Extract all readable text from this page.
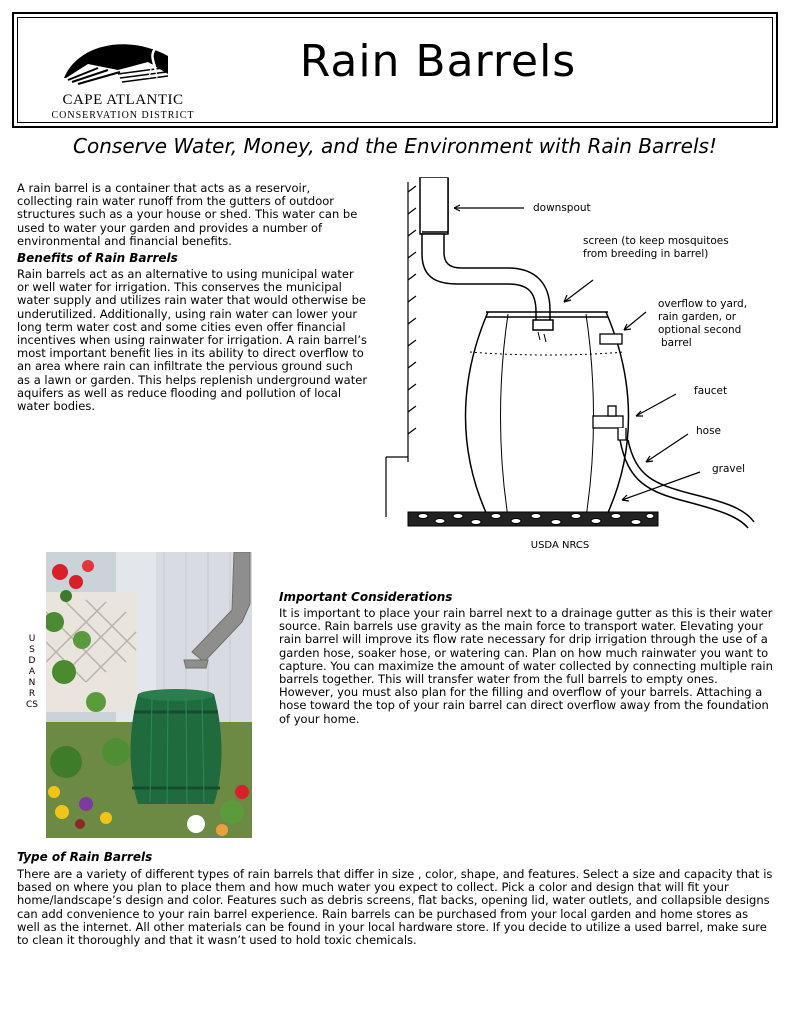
CAPE ATLANTIC
CONSERVATION DISTRICT
Rain Barrels
Conserve Water, Money, and the Environment with Rain Barrels!

A rain barrel is a container that acts as a reservoir, collecting rain water runoff from the gutters of outdoor structures such as a your house or shed. This water can be used to water your garden and provides a number of environmental and financial benefits.

Benefits of Rain Barrels

Rain barrels act as an alternative to using municipal water or well water for irrigation. This conserves the municipal water supply and utilizes rain water that would otherwise be underutilized. Additionally, using rain water can lower your long term water cost and some cities even offer financial incentives when using rainwater for irrigation. A rain barrel’s most important benefit lies in its ability to direct overflow to an area where rain can infiltrate the pervious ground such as a lawn or garden. This helps replenish underground water aquifers as well as reduce flooding and pollution of local water bodies.

downspout
screen (to keep mosquitoes
from breeding in barrel)
overflow to yard,
rain garden, or
optional second
barrel
faucet
hose
gravel
USDA NRCS
USDA NRCS
Important Considerations

It is important to place your rain barrel next to a drainage gutter as this is their water source. Rain barrels use gravity as the main force to transport water. Elevating your rain barrel will improve its flow rate necessary for drip irrigation through the use of a garden hose, soaker hose, or watering can. Plan on how much rainwater you want to capture. You can maximize the amount of water collected by connecting multiple rain barrels together. This will transfer water from the full barrels to empty ones. However, you must also plan for the filling and overflow of your barrels. Attaching a hose toward the top of your rain barrel can direct overflow away from the foundation of your home.

Type of Rain Barrels

There are a variety of different types of rain barrels that differ in size , color, shape, and features. Select a size and capacity that is based on where you plan to place them and how much water you expect to collect. Pick a color and design that will fit your home/landscape’s design and color. Features such as debris screens, flat backs, opening lid, water outlets, and collapsible designs can add convenience to your rain barrel experience. Rain barrels can be purchased from your local garden and home stores as well as the internet. All other materials can be found in your local hardware store. If you decide to utilize a used barrel, make sure to clean it thoroughly and that it wasn’t used to hold toxic chemicals.
